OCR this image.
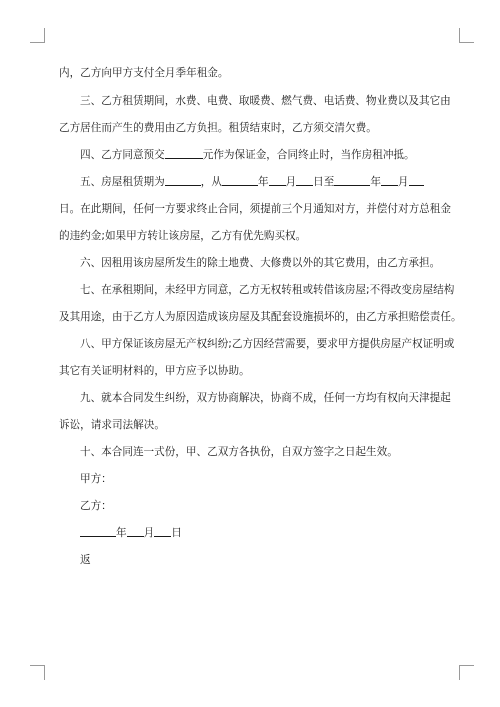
内，乙方向甲方支付全月季年租金。
三、乙方租赁期间，水费、电费、取暖费、燃气费、电话费、物业费以及其它由
乙方居住而产生的费用由乙方负担。租赁结束时，乙方须交清欠费。
四、乙方同意预交	元作为保证金，合同终止时，当作房租冲抵。
五、房屋租赁期为	，从	年 月 日至	年 月
日。在此期间，任何一方要求终止合同，须提前三个月通知对方，并偿付对方总租金
的违约金;如果甲方转让该房屋，乙方有优先购买权。
六、因租用该房屋所发生的除土地费、大修费以外的其它费用，由乙方承担。
七、在承租期间，未经甲方同意，乙方无权转租或转借该房屋;不得改变房屋结构
及其用途，由于乙方人为原因造成该房屋及其配套设施损坏的，由乙方承担赔偿责任。
八、甲方保证该房屋无产权纠纷;乙方因经营需要，要求甲方提供房屋产权证明或
其它有关证明材料的，甲方应予以协助。
九、就本合同发生纠纷，双方协商解决，协商不成，任何一方均有权向天津提起
诉讼，请求司法解决。
十、本合同连一式份，甲、乙双方各执份，自双方签字之日起生效。
甲方：
乙方：
年 月 日
返
